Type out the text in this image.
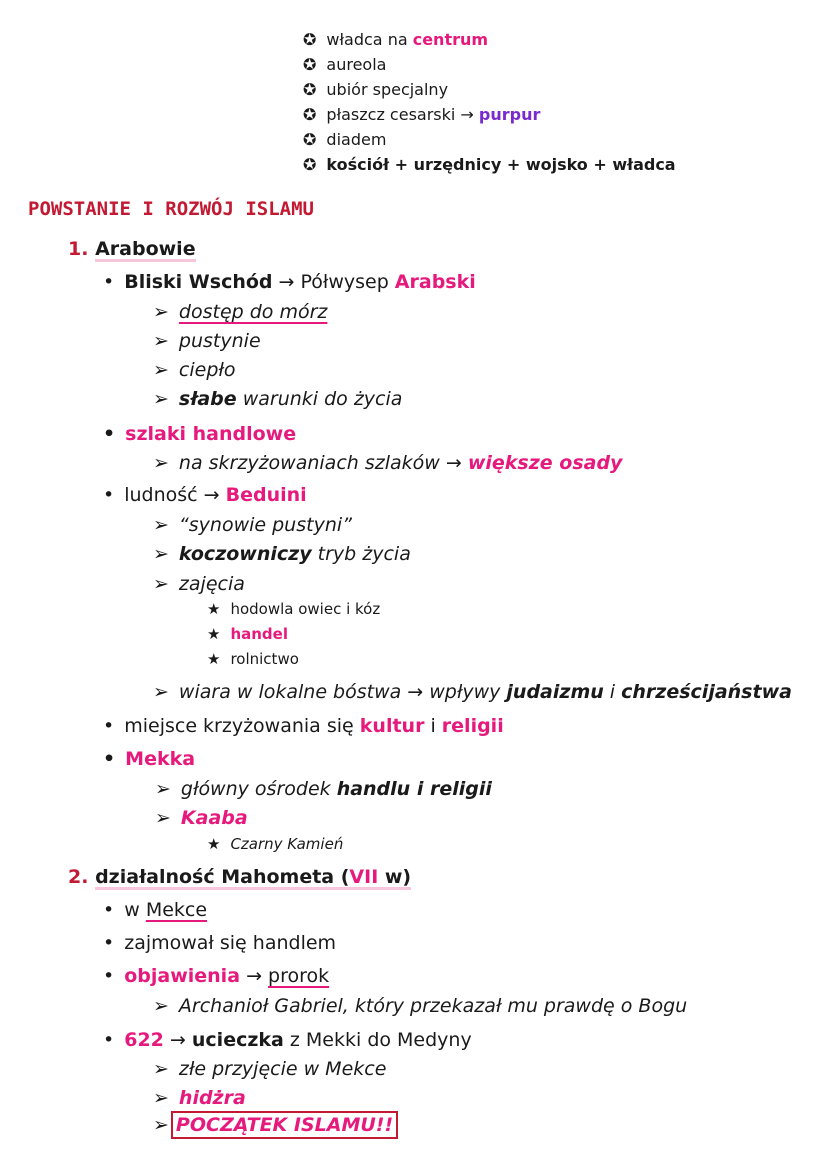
✪ władca na centrum
✪ aureola
✪ ubiór specjalny
✪ płaszcz cesarski → purpur
✪ diadem
✪ kościół + urzędnicy + wojsko + władca
POWSTANIE I ROZWÓJ ISLAMU
1. Arabowie
• Bliski Wschód → Półwysep Arabski
➢ dostęp do mórz
➢ pustynie
➢ ciepło
➢ słabe warunki do życia
• szlaki handlowe
➢ na skrzyżowaniach szlaków → większe osady
• ludność → Beduini
➢ “synowie pustyni”
➢ koczowniczy tryb życia
➢ zajęcia
★ hodowla owiec i kóz
★ handel
★ rolnictwo
➢ wiara w lokalne bóstwa → wpływy judaizmu i chrześcijaństwa
• miejsce krzyżowania się kultur i religii
• Mekka
➢ główny ośrodek handlu i religii
➢ Kaaba
★ Czarny Kamień
2. działalność Mahometa (VII w)
• w Mekce
• zajmował się handlem
• objawienia → prorok
➢ Archanioł Gabriel, który przekazał mu prawdę o Bogu
• 622 → ucieczka z Mekki do Medyny
➢ złe przyjęcie w Mekce
➢ hidżra
➢ POCZĄTEK ISLAMU!!
